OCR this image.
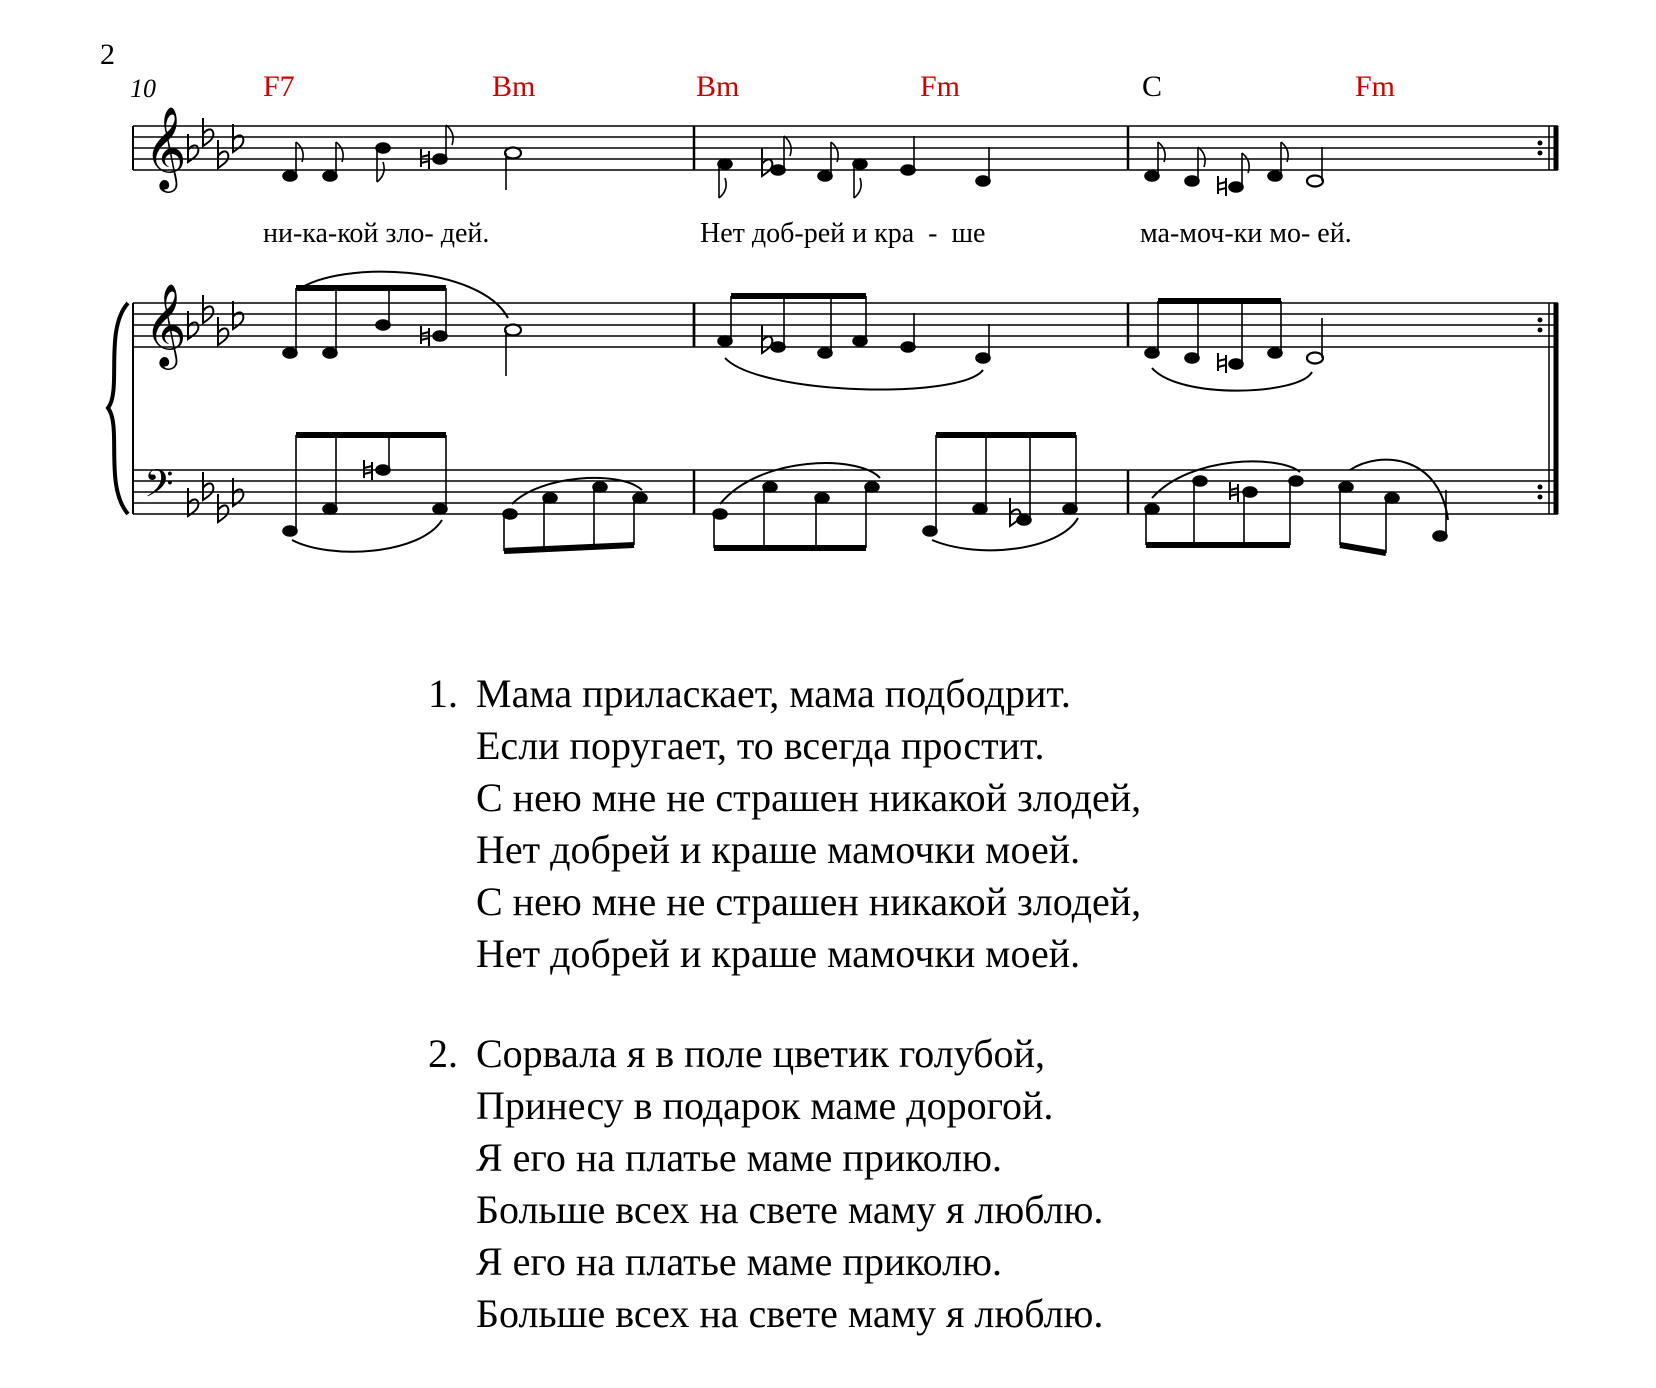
2
10	F7	Bm	Bm	Fm	C	Fm
𝄞
𝄞
𝄢
ни-ка-кой зло- дей.	Нет доб-рей и кра  -  ше	ма-моч-ки мо- ей.
1. Мама приласкает, мама подбодрит.
Если поругает, то всегда простит.
С нею мне не страшен никакой злодей,
Нет добрей и краше мамочки моей.
С нею мне не страшен никакой злодей,
Нет добрей и краше мамочки моей.
2. Сорвала я в поле цветик голубой,
Принесу в подарок маме дорогой.
Я его на платье маме приколю.
Больше всех на свете маму я люблю.
Я его на платье маме приколю.
Больше всех на свете маму я люблю.
